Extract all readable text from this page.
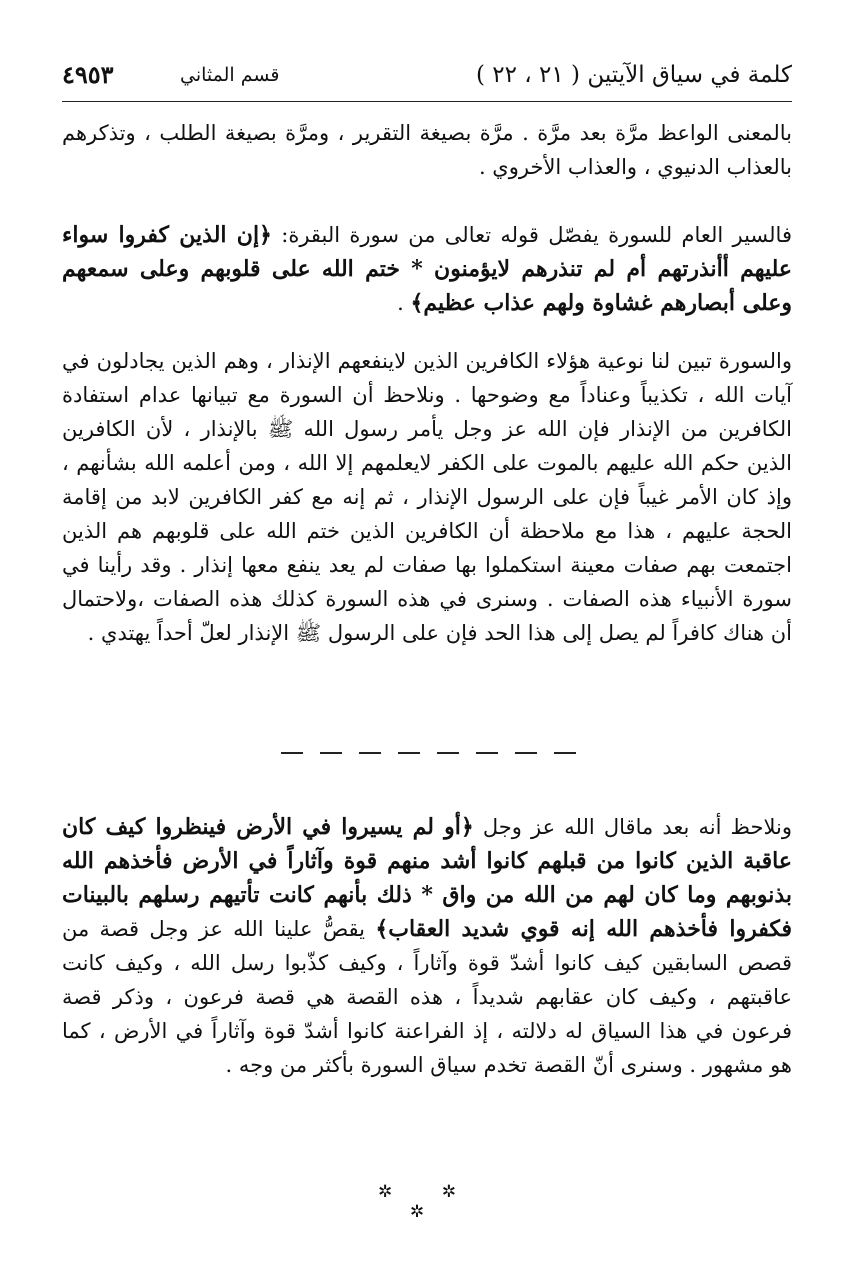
كلمة في سياق الآيتين ( ٢١ ، ٢٢ )
قسم المثاني
٤٩٥٣

بالمعنى الواعظ مرَّة بعد مرَّة . مرَّة بصيغة التقرير ، ومرَّة بصيغة الطلب ، وتذكرهم بالعذاب الدنيوي ، والعذاب الأخروي .

فالسير العام للسورة يفصّل قوله تعالى من سورة البقرة: ﴿إن الذين كفروا سواء عليهم أأنذرتهم أم لم تنذرهم لايؤمنون * ختم الله على قلوبهم وعلى سمعهم وعلى أبصارهم غشاوة ولهم عذاب عظيم﴾ .

والسورة تبين لنا نوعية هؤلاء الكافرين الذين لاينفعهم الإنذار ، وهم الذين يجادلون في آيات الله ، تكذيباً وعناداً مع وضوحها . ونلاحظ أن السورة مع تبيانها عدام استفادة الكافرين من الإنذار فإن الله عز وجل يأمر رسول الله ﷺ بالإنذار ، لأن الكافرين الذين حكم الله عليهم بالموت على الكفر لايعلمهم إلا الله ، ومن أعلمه الله بشأنهم ، وإذ كان الأمر غيباً فإن على الرسول الإنذار ، ثم إنه مع كفر الكافرين لابد من إقامة الحجة عليهم ، هذا مع ملاحظة أن الكافرين الذين ختم الله على قلوبهم هم الذين اجتمعت بهم صفات معينة استكملوا بها صفات لم يعد ينفع معها إنذار . وقد رأينا في سورة الأنبياء هذه الصفات . وسنرى في هذه السورة كذلك هذه الصفات ،ولاحتمال أن هناك كافراً لم يصل إلى هذا الحد فإن على الرسول ﷺ الإنذار لعلّ أحداً يهتدي .

ونلاحظ أنه بعد ماقال الله عز وجل ﴿أو لم يسيروا في الأرض فينظروا كيف كان عاقبة الذين كانوا من قبلهم كانوا أشد منهم قوة وآثاراً في الأرض فأخذهم الله بذنوبهم وما كان لهم من الله من واق * ذلك بأنهم كانت تأتيهم رسلهم بالبينات فكفروا فأخذهم الله إنه قوي شديد العقاب﴾ يقصُّ علينا الله عز وجل قصة من قصص السابقين كيف كانوا أشدّ قوة وآثاراً ، وكيف كذّبوا رسل الله ، وكيف كانت عاقبتهم ، وكيف كان عقابهم شديداً ، هذه القصة هي قصة فرعون ، وذكر قصة فرعون في هذا السياق له دلالته ، إذ الفراعنة كانوا أشدّ قوة وآثاراً في الأرض ، كما هو مشهور . وسنرى أنّ القصة تخدم سياق السورة بأكثر من وجه .

✲ ✲ ✲
